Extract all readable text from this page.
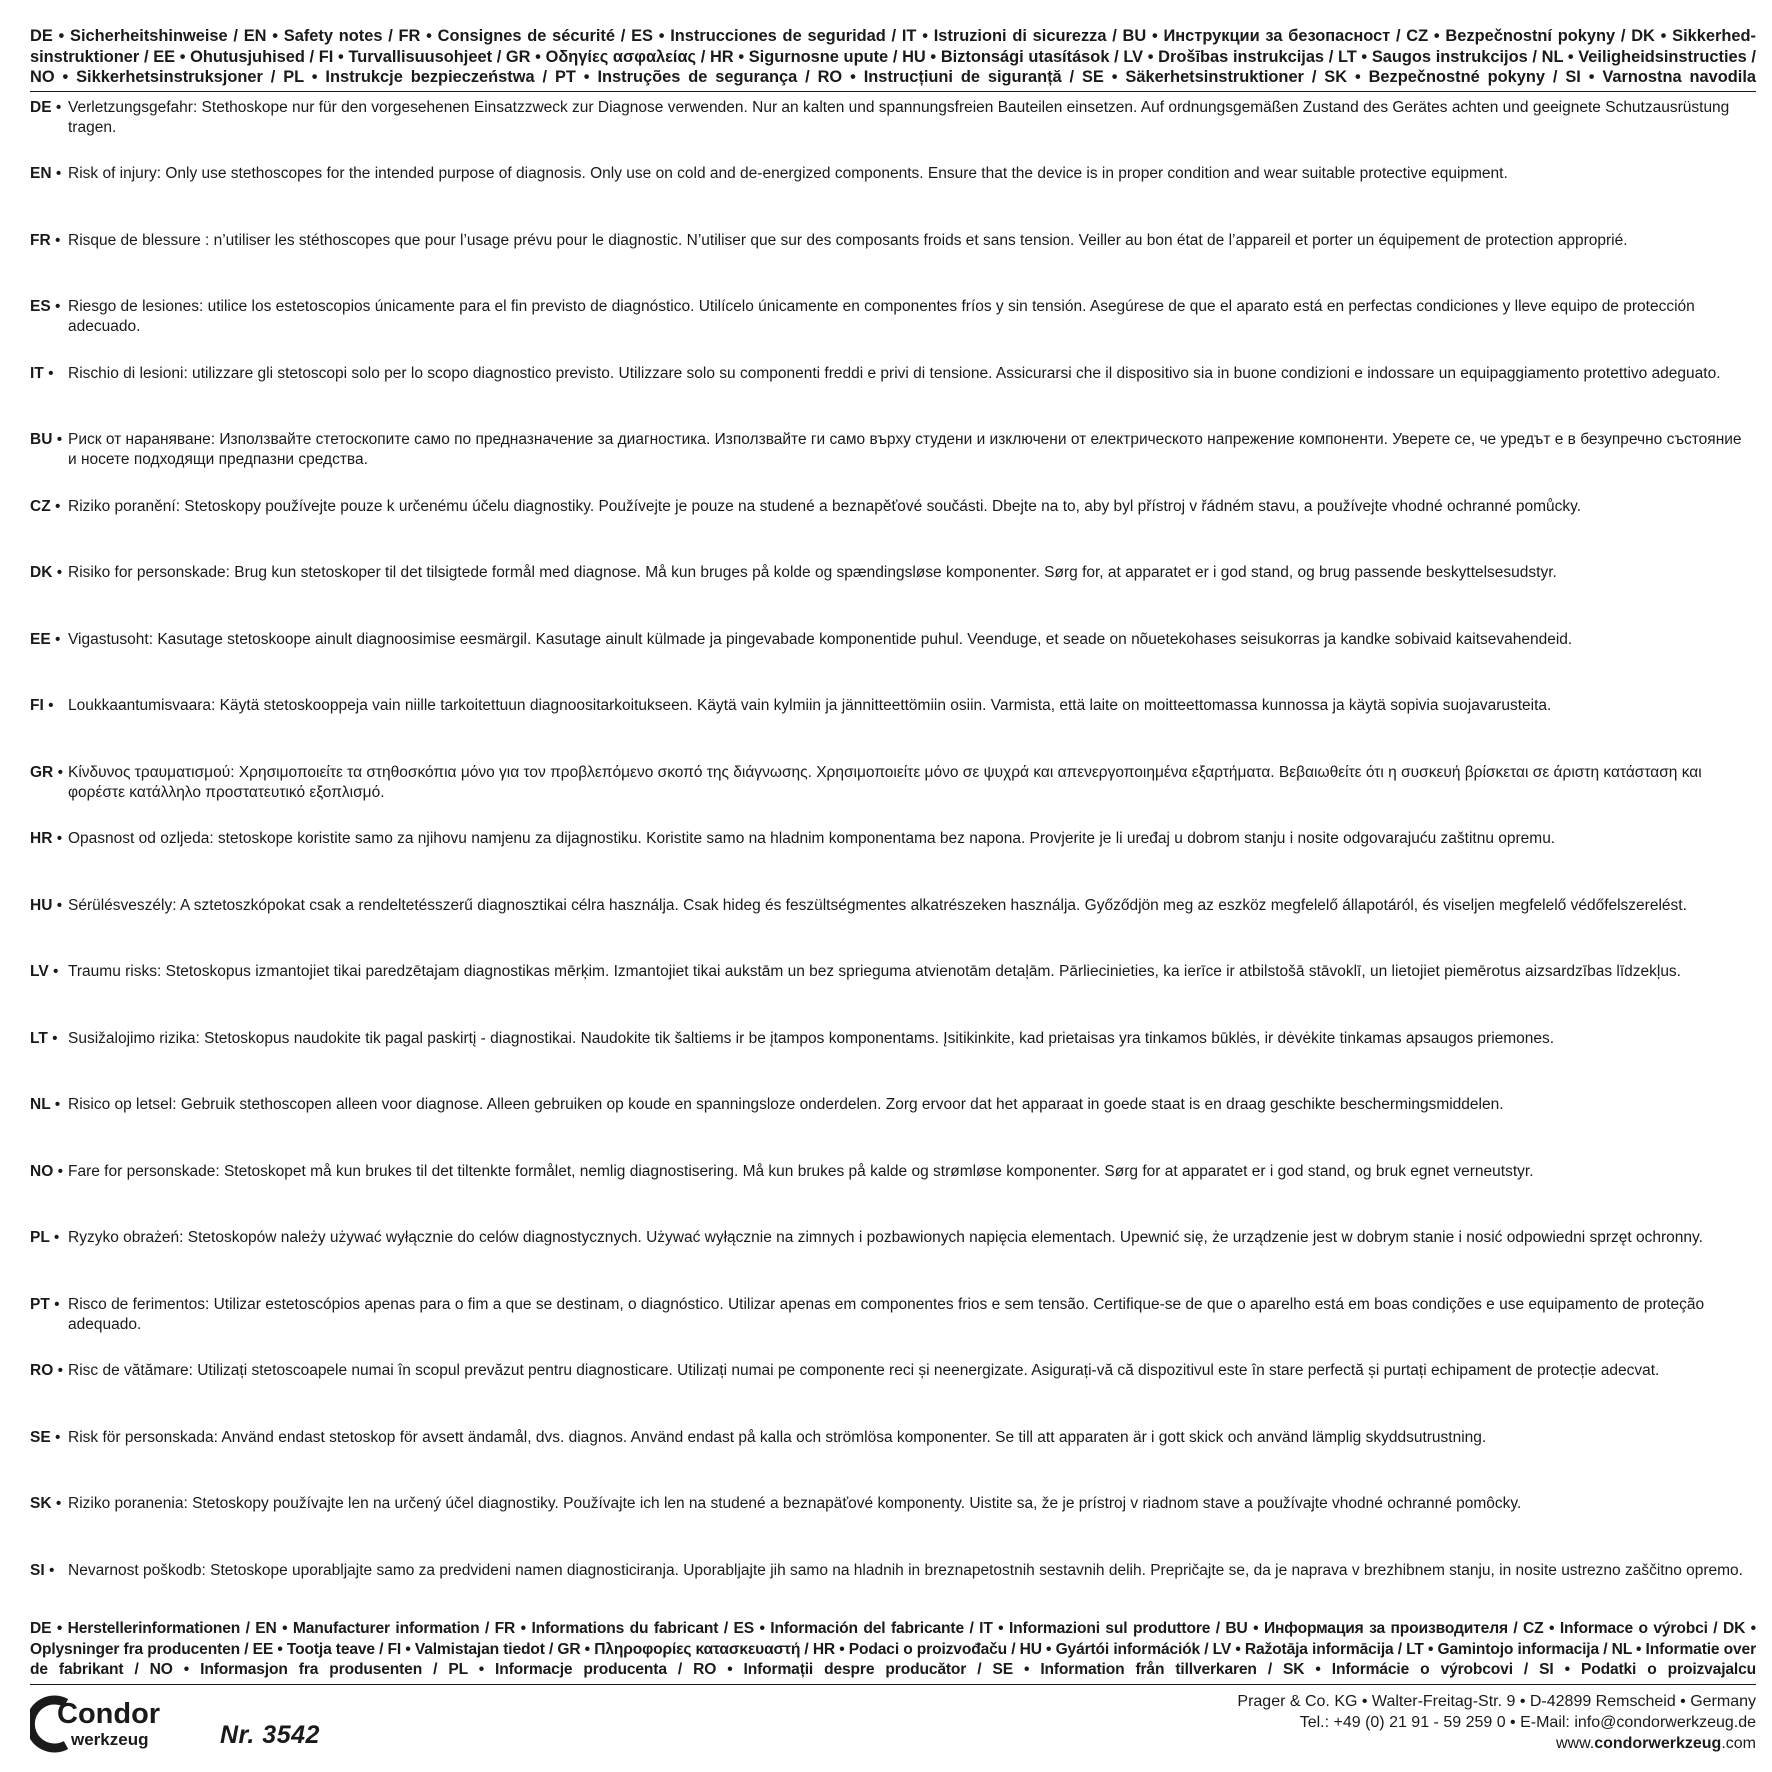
DE • Sicherheitshinweise / EN • Safety notes / FR • Consignes de sécurité / ES • Instrucciones de seguridad / IT • Istruzioni di sicurezza / BU • Инструкции за безопасност / CZ • Bezpečnostní pokyny / DK • Sikkerhedsinstruktioner / EE • Ohutusjuhised / FI • Turvallisuusohjeet / GR • Οδηγίες ασφαλείας / HR • Sigurnosne upute / HU • Biztonsági utasítások / LV • Drošības instrukcijas / LT • Saugos instrukcijos / NL • Veiligheidsinstructies / NO • Sikkerhetsinstruksjoner / PL • Instrukcje bezpieczeństwa / PT • Instruções de segurança / RO • Instrucțiuni de siguranță / SE • Säkerhetsinstruktioner / SK • Bezpečnostné pokyny / SI • Varnostna navodila
DE • Verletzungsgefahr: Stethoskope nur für den vorgesehenen Einsatzzweck zur Diagnose verwenden. Nur an kalten und spannungsfreien Bauteilen einsetzen. Auf ordnungsgemäßen Zustand des Gerätes achten und geeignete Schutzausrüstung tragen.
EN • Risk of injury: Only use stethoscopes for the intended purpose of diagnosis. Only use on cold and de-energized components. Ensure that the device is in proper condition and wear suitable protective equipment.
FR • Risque de blessure : n’utiliser les stéthoscopes que pour l’usage prévu pour le diagnostic. N’utiliser que sur des composants froids et sans tension. Veiller au bon état de l’appareil et porter un équipement de protection approprié.
ES • Riesgo de lesiones: utilice los estetoscopios únicamente para el fin previsto de diagnóstico. Utilícelo únicamente en componentes fríos y sin tensión. Asegúrese de que el aparato está en perfectas condiciones y lleve equipo de protección adecuado.
IT • Rischio di lesioni: utilizzare gli stetoscopi solo per lo scopo diagnostico previsto. Utilizzare solo su componenti freddi e privi di tensione. Assicurarsi che il dispositivo sia in buone condizioni e indossare un equipaggiamento protettivo adeguato.
BU • Риск от нараняване: Използвайте стетоскопите само по предназначение за диагностика. Използвайте ги само върху студени и изключени от електрическото напрежение компоненти. Уверете се, че уредът е в безупречно състояние и носете подходящи предпазни средства.
CZ • Riziko poranění: Stetoskopy používejte pouze k určenému účelu diagnostiky. Používejte je pouze na studené a beznapěťové součásti. Dbejte na to, aby byl přístroj v řádném stavu, a používejte vhodné ochranné pomůcky.
DK • Risiko for personskade: Brug kun stetoskoper til det tilsigtede formål med diagnose. Må kun bruges på kolde og spændingsløse komponenter. Sørg for, at apparatet er i god stand, og brug passende beskyttelsesudstyr.
EE • Vigastusoht: Kasutage stetoskoope ainult diagnoosimise eesmärgil. Kasutage ainult külmade ja pingevabade komponentide puhul. Veenduge, et seade on nõuetekohases seisukorras ja kandke sobivaid kaitsevahendeid.
FI • Loukkaantumisvaara: Käytä stetoskooppeja vain niille tarkoitettuun diagnoositarkoitukseen. Käytä vain kylmiin ja jännitteettömiin osiin. Varmista, että laite on moitteettomassa kunnossa ja käytä sopivia suojavarusteita.
GR • Κίνδυνος τραυματισμού: Χρησιμοποιείτε τα στηθοσκόπια μόνο για τον προβλεπόμενο σκοπό της διάγνωσης. Χρησιμοποιείτε μόνο σε ψυχρά και απενεργοποιημένα εξαρτήματα. Βεβαιωθείτε ότι η συσκευή βρίσκεται σε άριστη κατάσταση και φορέστε κατάλληλο προστατευτικό εξοπλισμό.
HR • Opasnost od ozljeda: stetoskope koristite samo za njihovu namjenu za dijagnostiku. Koristite samo na hladnim komponentama bez napona. Provjerite je li uređaj u dobrom stanju i nosite odgovarajuću zaštitnu opremu.
HU • Sérülésveszély: A sztetoszkópokat csak a rendeltetésszerű diagnosztikai célra használja. Csak hideg és feszültségmentes alkatrészeken használja. Győződjön meg az eszköz megfelelő állapotáról, és viseljen megfelelő védőfelszerelést.
LV • Traumu risks: Stetoskopus izmantojiet tikai paredzētajam diagnostikas mērķim. Izmantojiet tikai aukstām un bez sprieguma atvienotām detaļām. Pārliecinieties, ka ierīce ir atbilstošā stāvoklī, un lietojiet piemērotus aizsardzības līdzekļus.
LT • Susižalojimo rizika: Stetoskopus naudokite tik pagal paskirtį - diagnostikai. Naudokite tik šaltiems ir be įtampos komponentams. Įsitikinkite, kad prietaisas yra tinkamos būklės, ir dėvėkite tinkamas apsaugos priemones.
NL • Risico op letsel: Gebruik stethoscopen alleen voor diagnose. Alleen gebruiken op koude en spanningsloze onderdelen. Zorg ervoor dat het apparaat in goede staat is en draag geschikte beschermingsmiddelen.
NO • Fare for personskade: Stetoskopet må kun brukes til det tiltenkte formålet, nemlig diagnostisering. Må kun brukes på kalde og strømløse komponenter. Sørg for at apparatet er i god stand, og bruk egnet verneutstyr.
PL • Ryzyko obrażeń: Stetoskopów należy używać wyłącznie do celów diagnostycznych. Używać wyłącznie na zimnych i pozbawionych napięcia elementach. Upewnić się, że urządzenie jest w dobrym stanie i nosić odpowiedni sprzęt ochronny.
PT • Risco de ferimentos: Utilizar estetoscópios apenas para o fim a que se destinam, o diagnóstico. Utilizar apenas em componentes frios e sem tensão. Certifique-se de que o aparelho está em boas condições e use equipamento de proteção adequado.
RO • Risc de vătămare: Utilizați stetoscoapele numai în scopul prevăzut pentru diagnosticare. Utilizați numai pe componente reci și neenergizate. Asigurați-vă că dispozitivul este în stare perfectă și purtați echipament de protecție adecvat.
SE • Risk för personskada: Använd endast stetoskop för avsett ändamål, dvs. diagnos. Använd endast på kalla och strömlösa komponenter. Se till att apparaten är i gott skick och använd lämplig skyddsutrustning.
SK • Riziko poranenia: Stetoskopy používajte len na určený účel diagnostiky. Používajte ich len na studené a beznapäťové komponenty. Uistite sa, že je prístroj v riadnom stave a používajte vhodné ochranné pomôcky.
SI • Nevarnost poškodb: Stetoskope uporabljajte samo za predvideni namen diagnosticiranja. Uporabljajte jih samo na hladnih in breznapetostnih sestavnih delih. Prepričajte se, da je naprava v brezhibnem stanju, in nosite ustrezno zaščitno opremo.
DE • Herstellerinformationen / EN • Manufacturer information / FR • Informations du fabricant / ES • Información del fabricante / IT • Informazioni sul produttore / BU • Информация за производителя / CZ • Informace o výrobci / DK • Oplysninger fra producenten / EE • Tootja teave / FI • Valmistajan tiedot / GR • Πληροφορίες κατασκευαστή / HR • Podaci o proizvođaču / HU • Gyártói információk / LV • Ražotāja informācija / LT • Gamintojo informacija / NL • Informatie over de fabrikant / NO • Informasjon fra produsenten / PL • Informacje producenta / RO • Informații despre producător / SE • Information från tillverkaren / SK • Informácie o výrobcovi / SI • Podatki o proizvajalcu
Condor
werkzeug	Nr. 3542
Prager & Co. KG • Walter-Freitag-Str. 9 • D-42899 Remscheid • Germany
Tel.: +49 (0) 21 91 - 59 259 0 • E-Mail: info@condorwerkzeug.de
www.condorwerkzeug.com
